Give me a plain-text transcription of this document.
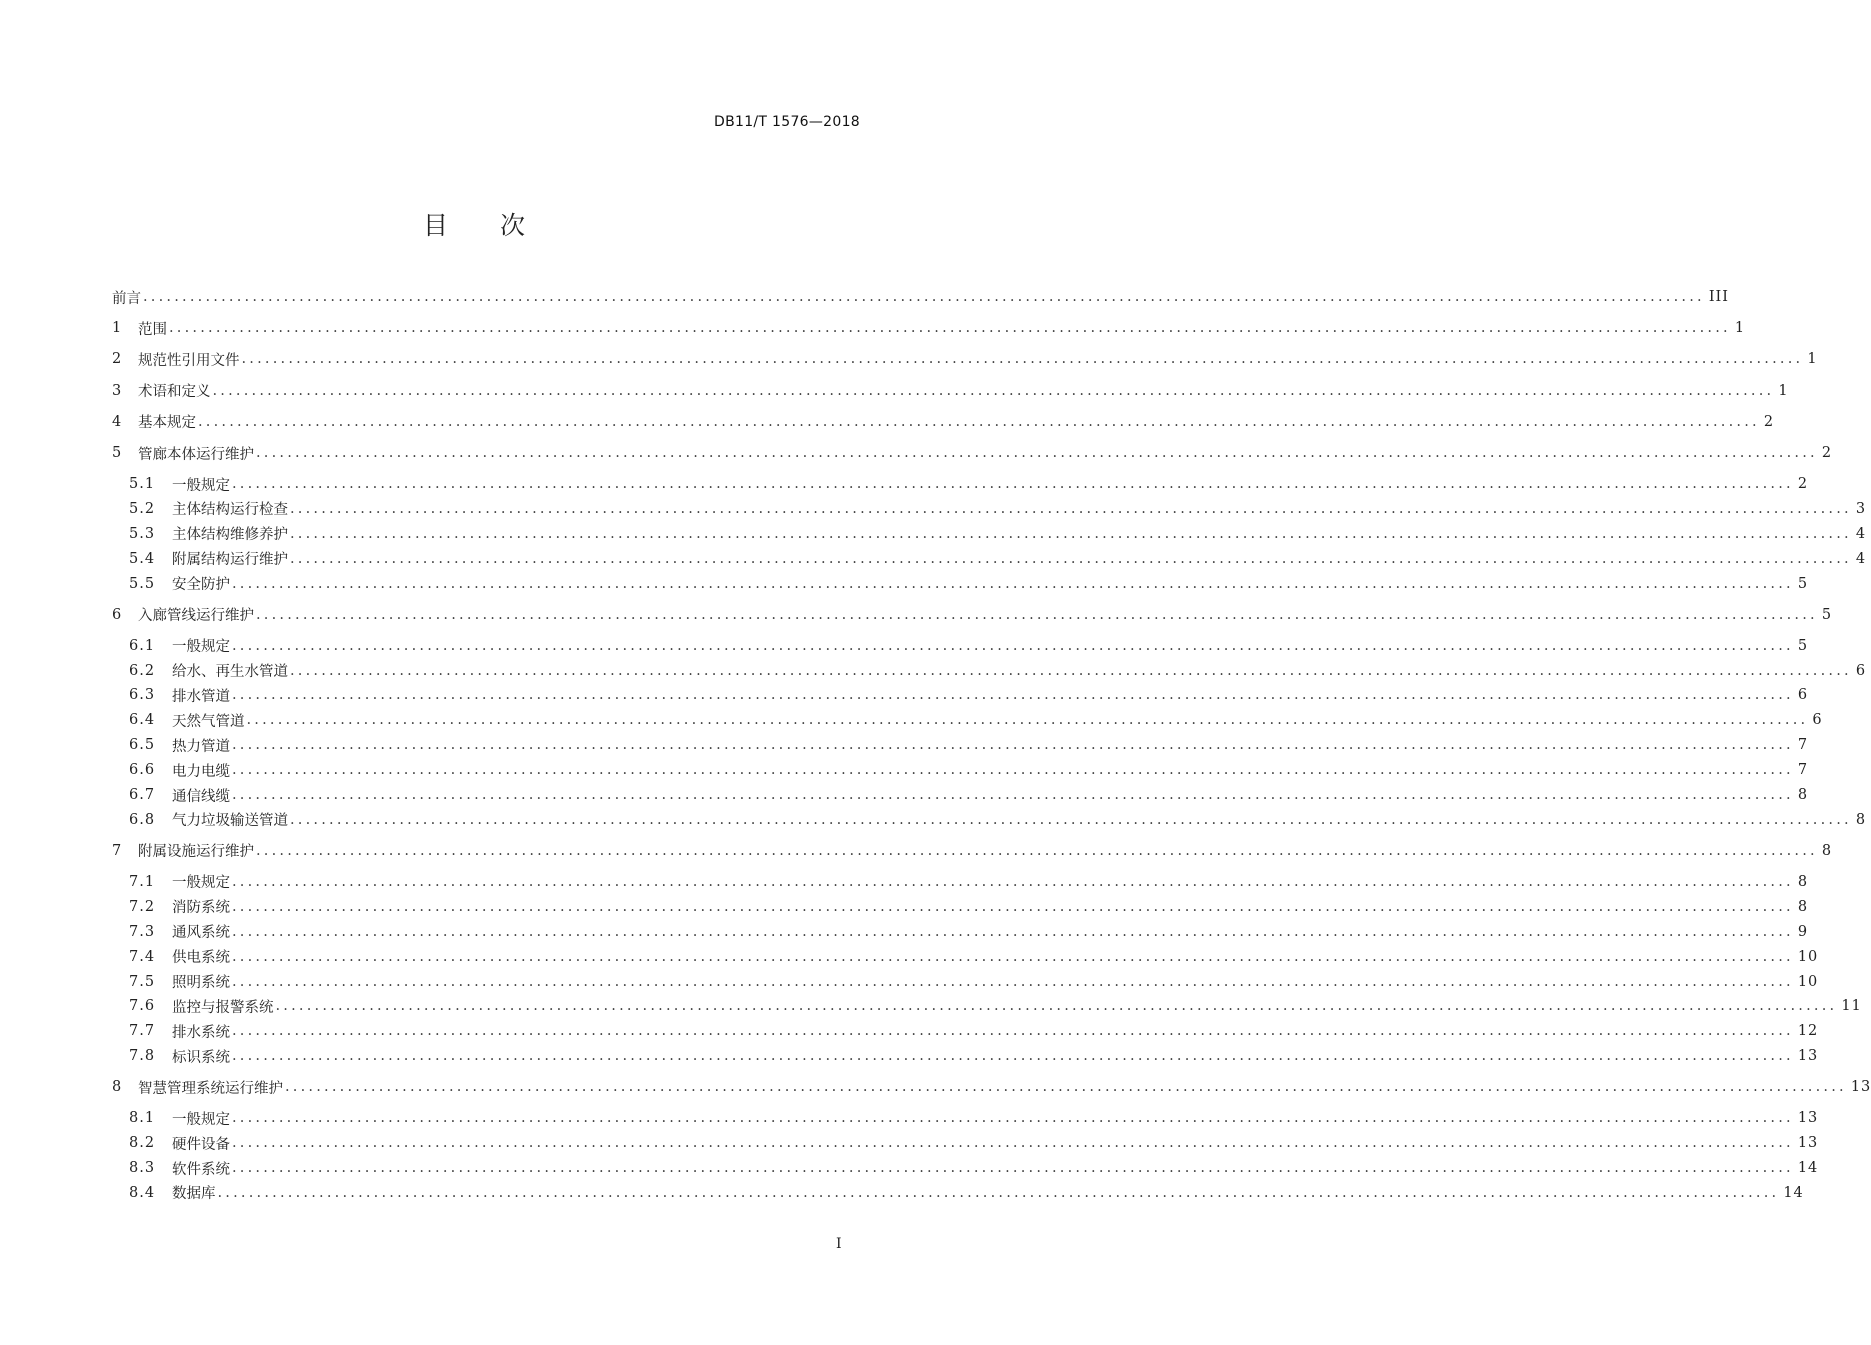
DB11/T 1576—2018
目 次
前言 ........................................................................................................................................................................................................ III
1	范围 ........................................................................................................................................................................................................ 1
2	规范性引用文件 ........................................................................................................................................................................................................ 1
3	术语和定义 ........................................................................................................................................................................................................ 1
4	基本规定 ........................................................................................................................................................................................................ 2
5	管廊本体运行维护 ........................................................................................................................................................................................................ 2
5.1	一般规定 ........................................................................................................................................................................................................ 2
5.2	主体结构运行检查 ........................................................................................................................................................................................................ 3
5.3	主体结构维修养护 ........................................................................................................................................................................................................ 4
5.4	附属结构运行维护 ........................................................................................................................................................................................................ 4
5.5	安全防护 ........................................................................................................................................................................................................ 5
6	入廊管线运行维护 ........................................................................................................................................................................................................ 5
6.1	一般规定 ........................................................................................................................................................................................................ 5
6.2	给水、再生水管道 ........................................................................................................................................................................................................ 6
6.3	排水管道 ........................................................................................................................................................................................................ 6
6.4	天然气管道 ........................................................................................................................................................................................................ 6
6.5	热力管道 ........................................................................................................................................................................................................ 7
6.6	电力电缆 ........................................................................................................................................................................................................ 7
6.7	通信线缆 ........................................................................................................................................................................................................ 8
6.8	气力垃圾输送管道 ........................................................................................................................................................................................................ 8
7	附属设施运行维护 ........................................................................................................................................................................................................ 8
7.1	一般规定 ........................................................................................................................................................................................................ 8
7.2	消防系统 ........................................................................................................................................................................................................ 8
7.3	通风系统 ........................................................................................................................................................................................................ 9
7.4	供电系统 ........................................................................................................................................................................................................ 10
7.5	照明系统 ........................................................................................................................................................................................................ 10
7.6	监控与报警系统 ........................................................................................................................................................................................................ 11
7.7	排水系统 ........................................................................................................................................................................................................ 12
7.8	标识系统 ........................................................................................................................................................................................................ 13
8	智慧管理系统运行维护 ........................................................................................................................................................................................................ 13
8.1	一般规定 ........................................................................................................................................................................................................ 13
8.2	硬件设备 ........................................................................................................................................................................................................ 13
8.3	软件系统 ........................................................................................................................................................................................................ 14
8.4	数据库 ........................................................................................................................................................................................................ 14
I
